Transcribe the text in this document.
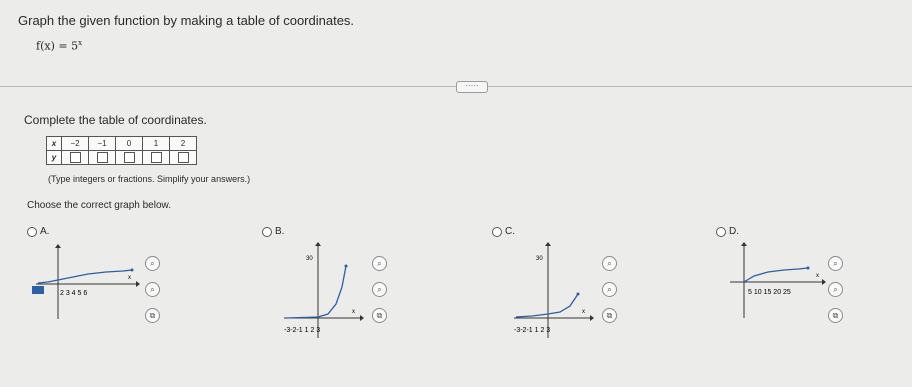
Graph the given function by making a table of coordinates.
$f(x) = 5^x$
·····
Complete the table of coordinates.
x	−2	−1	0	1	2
y					
(Type integers or fractions. Simplify your answers.)
Choose the correct graph below.
A.	B.	C.	D.
2 3 4 5 6
x
⌕
⌕
⧉
30
-3-2-1 1 2 3
x
⌕
⌕
⧉
30
-3-2-1 1 2 3
x
⌕
⌕
⧉
5 10 15 20 25
x
⌕
⌕
⧉
